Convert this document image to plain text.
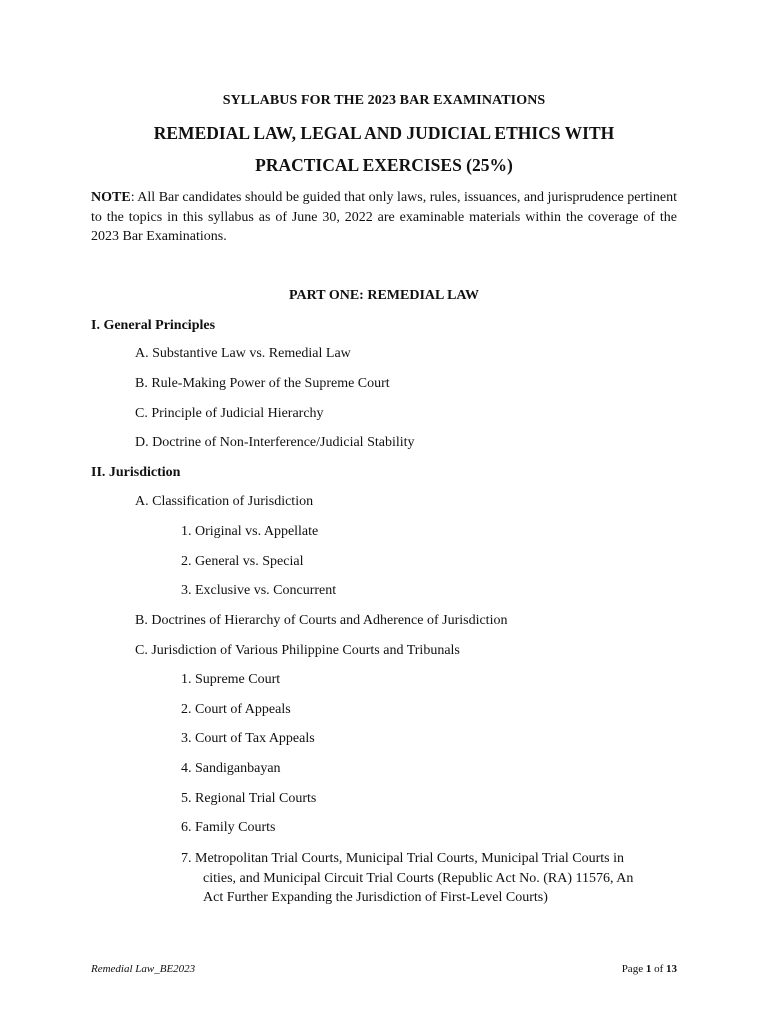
SYLLABUS FOR THE 2023 BAR EXAMINATIONS
REMEDIAL LAW, LEGAL AND JUDICIAL ETHICS WITH
PRACTICAL EXERCISES (25%)
NOTE: All Bar candidates should be guided that only laws, rules, issuances, and jurisprudence pertinent to the topics in this syllabus as of June 30, 2022 are examinable materials within the coverage of the 2023 Bar Examinations.
PART ONE: REMEDIAL LAW
I. General Principles
A. Substantive Law vs. Remedial Law
B. Rule-Making Power of the Supreme Court
C. Principle of Judicial Hierarchy
D. Doctrine of Non-Interference/Judicial Stability
II. Jurisdiction
A. Classification of Jurisdiction
1. Original vs. Appellate
2. General vs. Special
3. Exclusive vs. Concurrent
B. Doctrines of Hierarchy of Courts and Adherence of Jurisdiction
C. Jurisdiction of Various Philippine Courts and Tribunals
1. Supreme Court
2. Court of Appeals
3. Court of Tax Appeals
4. Sandiganbayan
5. Regional Trial Courts
6. Family Courts
7. Metropolitan Trial Courts, Municipal Trial Courts, Municipal Trial Courts in
cities, and Municipal Circuit Trial Courts (Republic Act No. (RA) 11576, An
Act Further Expanding the Jurisdiction of First-Level Courts)
Remedial Law_BE2023	Page 1 of 13
